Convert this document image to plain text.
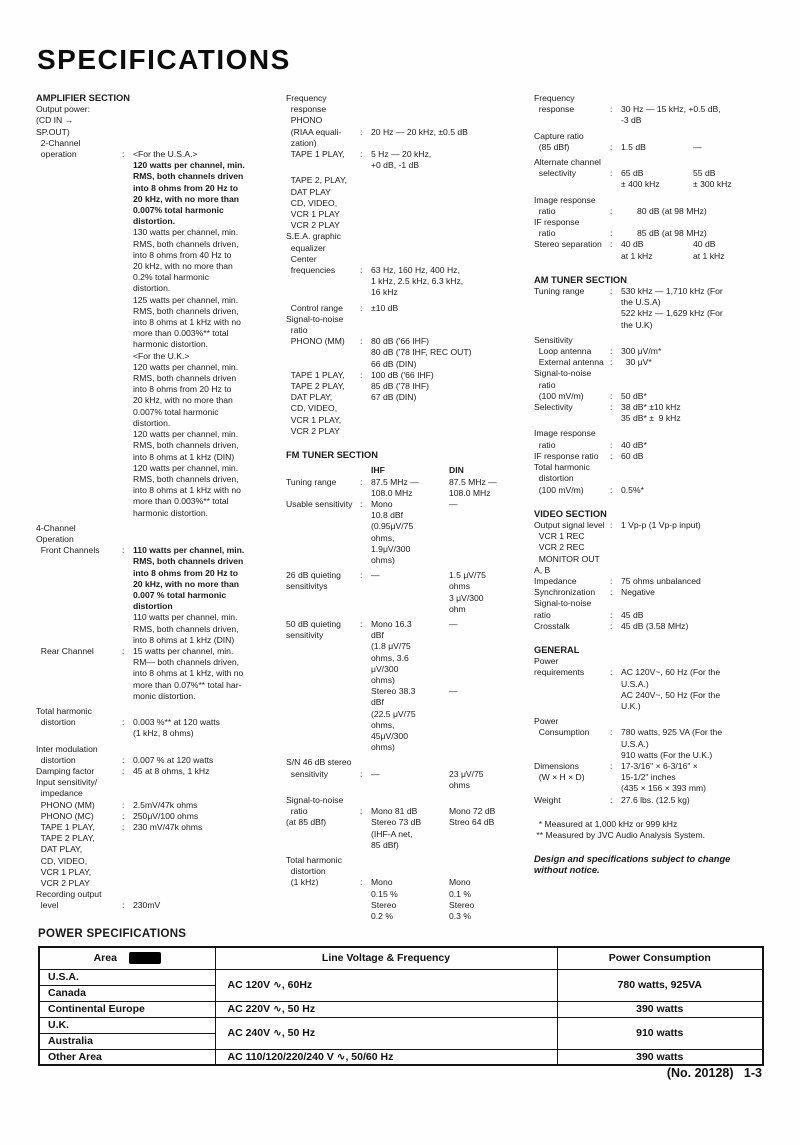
SPECIFICATIONS
AMPLIFIER SECTION
Output power:
(CD IN →
SP.OUT)
2-Channel
operation	:	<For the U.S.A.>
120 watts per channel, min.
RMS, both channels driven
into 8 ohms from 20 Hz to
20 kHz, with no more than
0.007% total harmonic
distortion.
130 watts per channel, min.
RMS, both channels driven,
into 8 ohms from 40 Hz to
20 kHz, with no more than
0.2% total harmonic
distortion.
125 watts per channel, min.
RMS, both channels driven,
into 8 ohms at 1 kHz with no
more than 0.003%** total
harmonic distortion.
<For the U.K.>
120 watts per channel, min.
RMS, both channels driven
into 8 ohms from 20 Hz to
20 kHz, with no more than
0.007% total harmonic
distortion.
120 watts per channel, min.
RMS, both channels driven,
into 8 ohms at 1 kHz (DIN)
120 watts per channel, min.
RMS, both channels driven,
into 8 ohms at 1 kHz with no
more than 0.003%** total
harmonic distortion.
4-Channel
Operation
Front Channels	:	110 watts per channel, min.
RMS, both channels driven
into 8 ohms from 20 Hz to
20 kHz, with no more than
0.007 % total harmonic
distortion
110 watts per channel, min.
RMS, both channels driven,
into 8 ohms at 1 kHz (DIN)
Rear Channel	:	15 watts per channel, min.
RM— both channels driven,
into 8 ohms at 1 kHz, with no
more than 0.07%** total har-
monic distortion.
Total harmonic
distortion	:	0.003 %** at 120 watts
(1 kHz, 8 ohms)
Inter modulation
distortion	:	0.007 % at 120 watts
Damping factor	:	45 at 8 ohms, 1 kHz
Input sensitivity/
impedance
PHONO (MM)	:	2.5mV/47k ohms
PHONO (MC)	:	250μV/100 ohms
TAPE 1 PLAY,	:	230 mV/47k ohms
TAPE 2 PLAY,
DAT PLAY,
CD, VIDEO,
VCR 1 PLAY,
VCR 2 PLAY
Recording output
level	:	230mV
Frequency
response
PHONO
(RIAA equali-	:	20 Hz — 20 kHz, ±0.5 dB
zation)
TAPE 1 PLAY,	:	5 Hz — 20 kHz,
+0 dB, -1 dB
TAPE 2, PLAY,
DAT PLAY
CD, VIDEO,
VCR 1 PLAY
VCR 2 PLAY
S.E.A. graphic
equalizer
Center
frequencies	:	63 Hz, 160 Hz, 400 Hz,
1 kHz, 2.5 kHz, 6.3 kHz,
16 kHz
Control range	:	±10 dB
Signal-to-noise
ratio
PHONO (MM)	:	80 dB ('66 IHF)
80 dB ('78 IHF, REC OUT)
66 dB (DIN)
TAPE 1 PLAY,	:	100 dB ('66 IHF)
TAPE 2 PLAY,	85 dB ('78 IHF)
DAT PLAY,	67 dB (DIN)
CD, VIDEO,
VCR 1 PLAY,
VCR 2 PLAY
FM TUNER SECTION
IHF	DIN
Tuning range	:	87.5 MHz —	87.5 MHz —
108.0 MHz	108.0 MHz
Usable sensitivity :	Mono	—
10.8 dBf
(0.95μV/75
ohms,
1.9μV/300
ohms)
26 dB quieting	:	—	1.5 μV/75
sensitivitys	ohms
3 μV/300
ohm
50 dB quieting	:	Mono 16.3	—
sensitivity	dBf
(1.8 μV/75
ohms, 3.6
μV/300
ohms)
Stereo 38.3	—
dBf
(22.5 μV/75
ohms,
45μV/300
ohms)
S/N 46 dB stereo
sensitivity	:	—	23 μV/75
ohms
Signal-to-noise
ratio	:	Mono 81 dB	Mono 72 dB
(at 85 dBf)	Stereo 73 dB	Streo 64 dB
(IHF-A net,
85 dBf)
Total harmonic
distortion
(1 kHz)	:	Mono	Mono
0.15 %	0.1 %
Stereo	Stereo
0.2 %	0.3 %
Frequency
response	:	30 Hz — 15 kHz, +0.5 dB,
-3 dB
Capture ratio
(85 dBf)	:	1.5 dB	—
Alternate channel
selectivity	:	65 dB	55 dB
± 400 kHz	± 300 kHz
Image response
ratio	:	80 dB (at 98 MHz)
IF response
ratio	:	85 dB (at 98 MHz)
Stereo separation :	40 dB	40 dB
at 1 kHz	at 1 kHz
AM TUNER SECTION
Tuning range	:	530 kHz — 1,710 kHz (For
the U.S.A)
522 kHz — 1,629 kHz (For
the U.K)
Sensitivity
Loop antenna	:	300 μV/m*
External antenna :	30 μV*
Signal-to-noise
ratio
(100 mV/m)	:	50 dB*
Selectivity	:	38 dB* ±10 kHz
35 dB* ±  9 kHz
Image response
ratio	:	40 dB*
IF response ratio	:	60 dB
Total harmonic
distortion
(100 mV/m)	:	0.5%*
VIDEO SECTION
Output signal level :	1 Vp-p (1 Vp-p input)
VCR 1 REC
VCR 2 REC
MONITOR OUT
A, B
Impedance	:	75 ohms unbalanced
Synchronization	:	Negative
Signal-to-noise
ratio	:	45 dB
Crosstalk	:	45 dB (3.58 MHz)
GENERAL
Power
requirements	:	AC 120V~, 60 Hz (For the
U.S.A.)
AC 240V~, 50 Hz (For the
U.K.)
Power
Consumption	:	780 watts, 925 VA (For the
U.S.A.)
910 watts (For the U.K.)
Dimensions	:	17-3/16" × 6-3/16" ×
(W × H × D)	15-1/2" inches
(435 × 156 × 393 mm)
Weight	:	27.6 lbs. (12.5 kg)
* Measured at 1,000 kHz or 999 kHz
** Measured by JVC Audio Analysis System.
Design and specifications subject to change
without notice.
POWER SPECIFICATIONS
Area	Line Voltage & Frequency	Power Consumption
U.S.A.	AC 120V ∿, 60Hz	780 watts, 925VA
Canada		
Continental Europe	AC 220V ∿, 50 Hz	390 watts
U.K.	AC 240V ∿, 50 Hz	910 watts
Australia		
Other Area	AC 110/120/220/240 V ∿, 50/60 Hz	390 watts
(No. 20128)   1-3
